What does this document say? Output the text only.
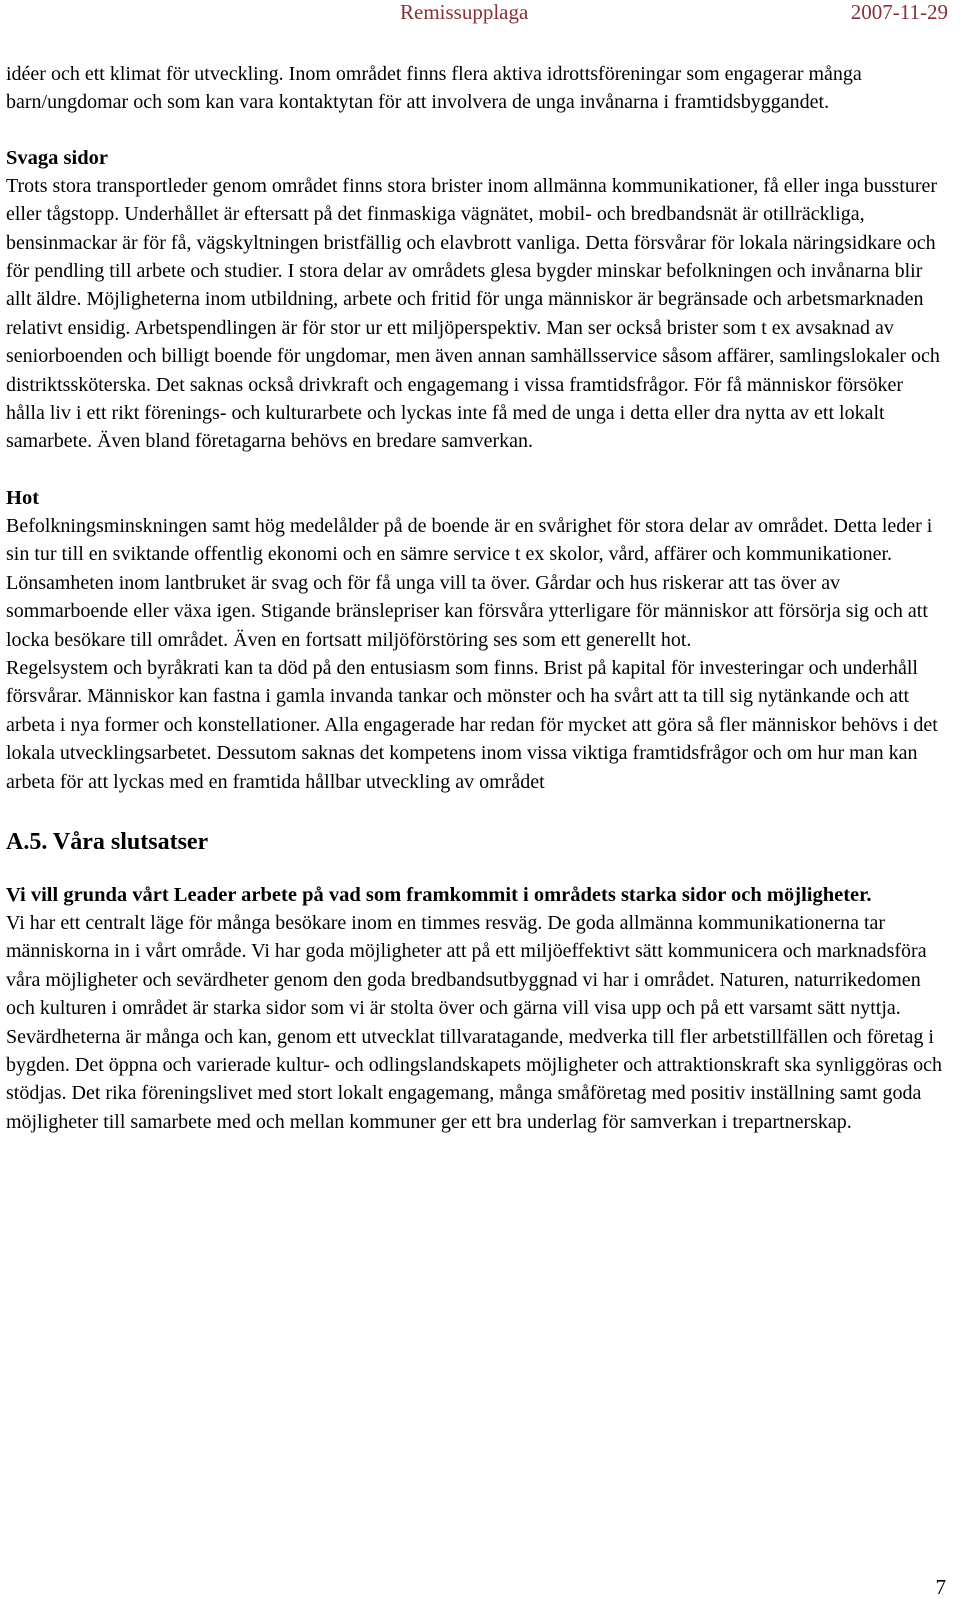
Remissupplaga	2007-11-29

idéer och ett klimat för utveckling. Inom området finns flera aktiva idrottsföreningar som engagerar många barn/ungdomar och som kan vara kontaktytan för att involvera de unga invånarna i framtidsbyggandet.

Svaga sidor

Trots stora transportleder genom området finns stora brister inom allmänna kommunikationer, få eller inga bussturer eller tågstopp. Underhållet är eftersatt på det finmaskiga vägnätet, mobil- och bredbandsnät är otillräckliga, bensinmackar är för få, vägskyltningen bristfällig och elavbrott vanliga. Detta försvårar för lokala näringsidkare och för pendling till arbete och studier. I stora delar av områdets glesa bygder minskar befolkningen och invånarna blir allt äldre. Möjligheterna inom utbildning, arbete och fritid för unga människor är begränsade och arbetsmarknaden relativt ensidig. Arbetspendlingen är för stor ur ett miljöperspektiv. Man ser också brister som t ex avsaknad av seniorboenden och billigt boende för ungdomar, men även annan samhällsservice såsom affärer, samlingslokaler och distriktssköterska. Det saknas också drivkraft och engagemang i vissa framtidsfrågor. För få människor försöker hålla liv i ett rikt förenings- och kulturarbete och lyckas inte få med de unga i detta eller dra nytta av ett lokalt samarbete. Även bland företagarna behövs en bredare samverkan.

Hot

Befolkningsminskningen samt hög medelålder på de boende är en svårighet för stora delar av området. Detta leder i sin tur till en sviktande offentlig ekonomi och en sämre service t ex skolor, vård, affärer och kommunikationer.

Lönsamheten inom lantbruket är svag och för få unga vill ta över. Gårdar och hus riskerar att tas över av sommarboende eller växa igen. Stigande bränslepriser kan försvåra ytterligare för människor att försörja sig och att locka besökare till området. Även en fortsatt miljöförstöring ses som ett generellt hot.

Regelsystem och byråkrati kan ta död på den entusiasm som finns. Brist på kapital för investeringar och underhåll försvårar. Människor kan fastna i gamla invanda tankar och mönster och ha svårt att ta till sig nytänkande och att arbeta i nya former och konstellationer. Alla engagerade har redan för mycket att göra så fler människor behövs i det lokala utvecklingsarbetet. Dessutom saknas det kompetens inom vissa viktiga framtidsfrågor och om hur man kan arbeta för att lyckas med en framtida hållbar utveckling av området

A.5. Våra slutsatser

Vi vill grunda vårt Leader arbete på vad som framkommit i områdets starka sidor och möjligheter.

Vi har ett centralt läge för många besökare inom en timmes resväg. De goda allmänna kommunikationerna tar människorna in i vårt område. Vi har goda möjligheter att på ett miljöeffektivt sätt kommunicera och marknadsföra våra möjligheter och sevärdheter genom den goda bredbandsutbyggnad vi har i området. Naturen, naturrikedomen och kulturen i området är starka sidor som vi är stolta över och gärna vill visa upp och på ett varsamt sätt nyttja. Sevärdheterna är många och kan, genom ett utvecklat tillvaratagande, medverka till fler arbetstillfällen och företag i bygden. Det öppna och varierade kultur- och odlingslandskapets möjligheter och attraktionskraft ska synliggöras och stödjas. Det rika föreningslivet med stort lokalt engagemang, många småföretag med positiv inställning samt goda möjligheter till samarbete med och mellan kommuner ger ett bra underlag för samverkan i trepartnerskap.

7
